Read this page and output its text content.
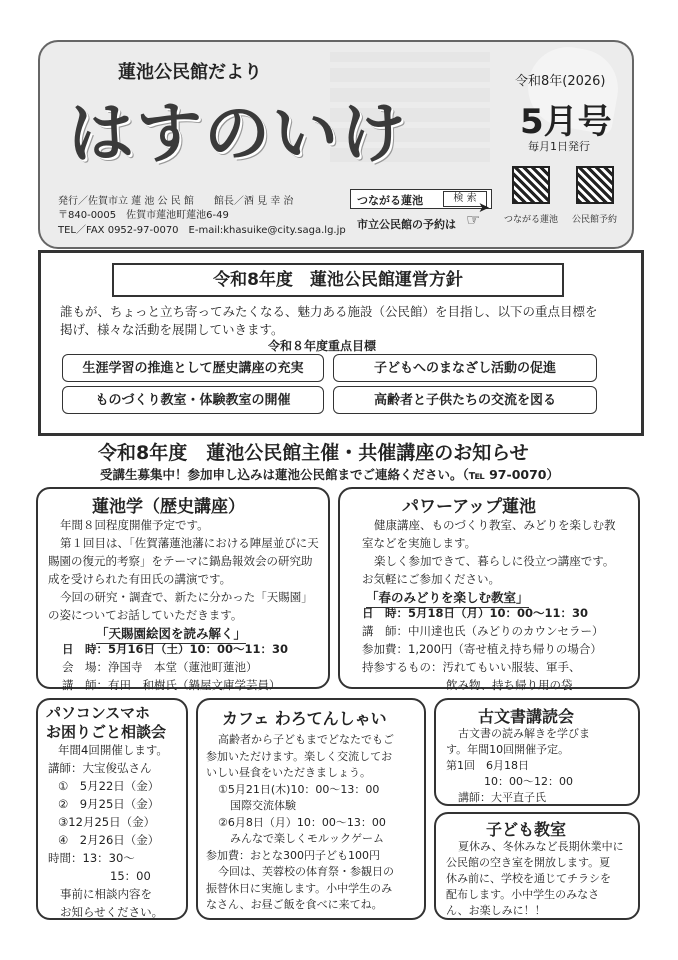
蓮池公民館だより
はすのいけ
令和8年(2026)
5月号
毎月1日発行
発行／佐賀市立 蓮 池 公 民 館　　館長／酒 見 幸 治
〒840-0005　佐賀市蓮池町蓮池6-49
TEL／FAX 0952-97-0070　E-mail:khasuike@city.saga.lg.jp
つながる蓮池	検 索
➤
市立公民館の予約は ☞	つながる蓮池 公民館予約
令和8年度　蓮池公民館運営方針
誰もが、ちょっと立ち寄ってみたくなる、魅力ある施設（公民館）を目指し、以下の重点目標を
掲げ、様々な活動を展開していきます。
令和８年度重点目標
生涯学習の推進として歴史講座の充実	子どもへのまなざし活動の促進
ものづくり教室・体験教室の開催	高齢者と子供たちの交流を図る
令和8年度　蓮池公民館主催・共催講座のお知らせ
受講生募集中！参加申し込みは蓮池公民館までご連絡ください。（℡ 97-0070）
蓮池学（歴史講座）
年間８回程度開催予定です。
第１回目は、「佐賀藩蓮池藩における陣屋並びに天
賜園の復元的考察」をテーマに鍋島報效会の研究助
成を受けられた有田氏の講演です。
今回の研究・調査で、新たに分かった「天賜園」
の姿についてお話していただきます。
「天賜園絵図を読み解く」
日　時：5月16日（土）10：00～11：30
会　場：浄国寺　本堂（蓮池町蓮池）
講　師：有田　和樹氏（鍋屋文庫学芸員）
パワーアップ蓮池
健康講座、ものづくり教室、みどりを楽しむ教
室などを実施します。
楽しく参加できて、暮らしに役立つ講座です。
お気軽にご参加ください。
「春のみどりを楽しむ教室」
日　時：5月18日（月）10：00～11：30
講　師：中川達也氏（みどりのカウンセラー）
参加費：1,200円（寄せ植え持ち帰りの場合）
持参するもの：汚れてもいい服装、軍手、
飲み物、持ち帰り用の袋
パソコンスマホ
お困りごと相談会
年間4回開催します。
講師：大宝俊弘さん
①　5月22日（金）
②　9月25日（金）
③12月25日（金）
④　2月26日（金）
時間：13：30～
15：00
事前に相談内容を
お知らせください。
カフェ わろてんしゃい
高齢者から子どもまでどなたでもご
参加いただけます。楽しく交流してお
いしい昼食をいただきましょう。
①5月21日(木)10：00～13：00
国際交流体験
②6月8日（月）10：00～13：00
みんなで楽しくモルックゲーム
参加費：おとな300円子ども100円
今回は、芙蓉校の体育祭・参観日の
振替休日に実施します。小中学生のみ
なさん、お昼ご飯を食べに来てね。
古文書講読会
古文書の読み解きを学びま
す。年間10回開催予定。
第1回　6月18日
10：00～12：00
講師：大平直子氏
子ども教室
夏休み、冬休みなど長期休業中に
公民館の空き室を開放します。夏
休み前に、学校を通じてチラシを
配布します。小中学生のみなさ
ん、お楽しみに！！
